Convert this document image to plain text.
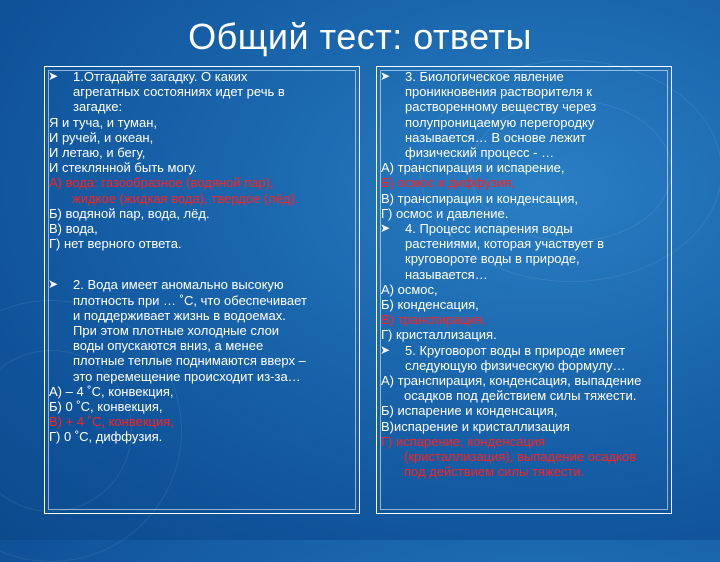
Общий тест: ответы
➤	1.Отгадайте загадку. О каких
агрегатных состояниях идет речь в
загадке:
Я и туча, и туман,
И ручей, и океан,
И летаю, и бегу,
И стеклянной быть могу.
А) вода: газообразное (водяной пар),
жидкое (жидкая вода), твердое (лёд).
Б) водяной пар, вода, лёд.
В) вода,
Г) нет верного ответа.
➤	2. Вода имеет аномально высокую
плотность при … ˚С, что обеспечивает
и поддерживает жизнь в водоемах.
При этом плотные холодные слои
воды опускаются вниз, а менее
плотные теплые поднимаются вверх –
это перемещение происходит из-за…
А) – 4 ˚С, конвекция,
Б) 0 ˚С, конвекция,
В) + 4 ˚С, конвекция,
Г) 0 ˚С, диффузия.
➤	3. Биологическое явление
проникновения растворителя к
растворенному веществу через
полупроницаемую перегородку
называется… В основе лежит
физический процесс - …
А) транспирация и испарение,
Б) осмос и диффузия,
В) транспирация и конденсация,
Г) осмос и давление.
➤	4. Процесс испарения воды
растениями, которая участвует в
круговороте воды в природе,
называется…
А) осмос,
Б) конденсация,
В) транспирация,
Г) кристаллизация.
➤	5. Круговорот воды в природе имеет
следующую физическую формулу…
А) транспирация, конденсация, выпадение
осадков под действием силы тяжести.
Б) испарение и конденсация,
В)испарение и кристаллизация
Г) испарение, конденсация
(кристаллизация), выпадение осадков
под действием силы тяжести.
